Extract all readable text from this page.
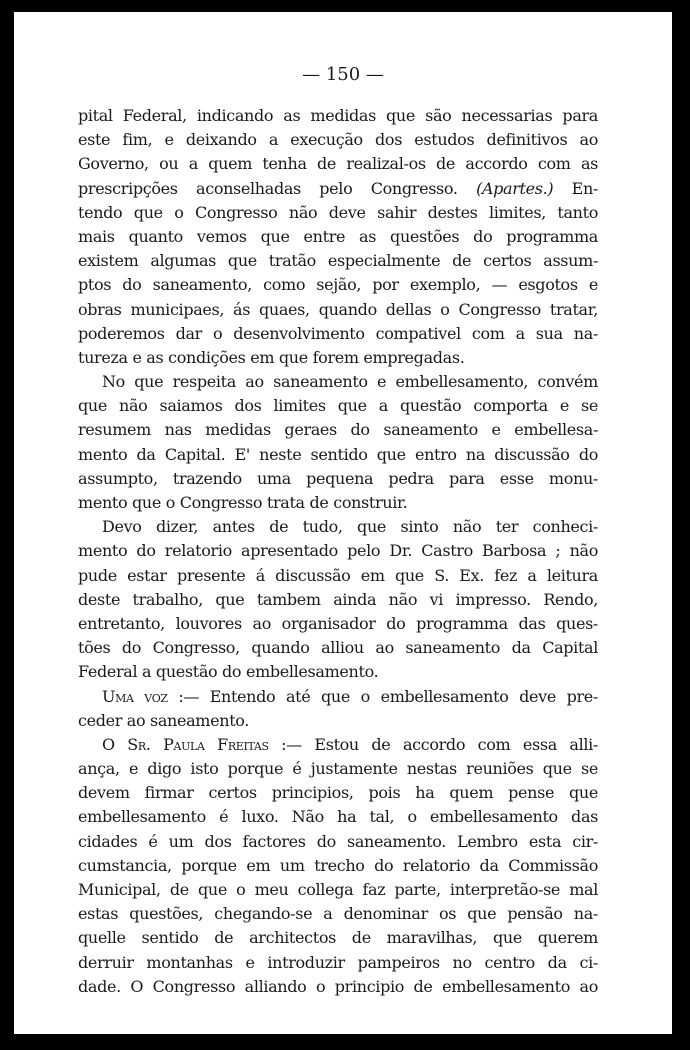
— 150 —
pital Federal, indicando as medidas que são necessarias para
este fim, e deixando a execução dos estudos definitivos ao
Governo, ou a quem tenha de realizal-os de accordo com as
prescripções aconselhadas pelo Congresso. (Apartes.) En-
tendo que o Congresso não deve sahir destes limites, tanto
mais quanto vemos que entre as questões do programma
existem algumas que tratão especialmente de certos assum-
ptos do saneamento, como sejão, por exemplo, — esgotos e
obras municipaes, ás quaes, quando dellas o Congresso tratar,
poderemos dar o desenvolvimento compativel com a sua na-
tureza e as condições em que forem empregadas.
No que respeita ao saneamento e embellesamento, convém
que não saiamos dos limites que a questão comporta e se
resumem nas medidas geraes do saneamento e embellesa-
mento da Capital. E' neste sentido que entro na discussão do
assumpto, trazendo uma pequena pedra para esse monu-
mento que o Congresso trata de construir.
Devo dizer, antes de tudo, que sinto não ter conheci-
mento do relatorio apresentado pelo Dr. Castro Barbosa ; não
pude estar presente á discussão em que S. Ex. fez a leitura
deste trabalho, que tambem ainda não vi impresso. Rendo,
entretanto, louvores ao organisador do programma das ques-
tões do Congresso, quando alliou ao saneamento da Capital
Federal a questão do embellesamento.
Uma voz :— Entendo até que o embellesamento deve pre-
ceder ao saneamento.
O Sr. Paula Freitas :— Estou de accordo com essa alli-
ança, e digo isto porque é justamente nestas reuniões que se
devem firmar certos principios, pois ha quem pense que
embellesamento é luxo. Não ha tal, o embellesamento das
cidades é um dos factores do saneamento. Lembro esta cir-
cumstancia, porque em um trecho do relatorio da Commissão
Municipal, de que o meu collega faz parte, interpretão-se mal
estas questões, chegando-se a denominar os que pensão na-
quelle sentido de architectos de maravilhas, que querem
derruir montanhas e introduzir pampeiros no centro da ci-
dade. O Congresso alliando o principio de embellesamento ao
